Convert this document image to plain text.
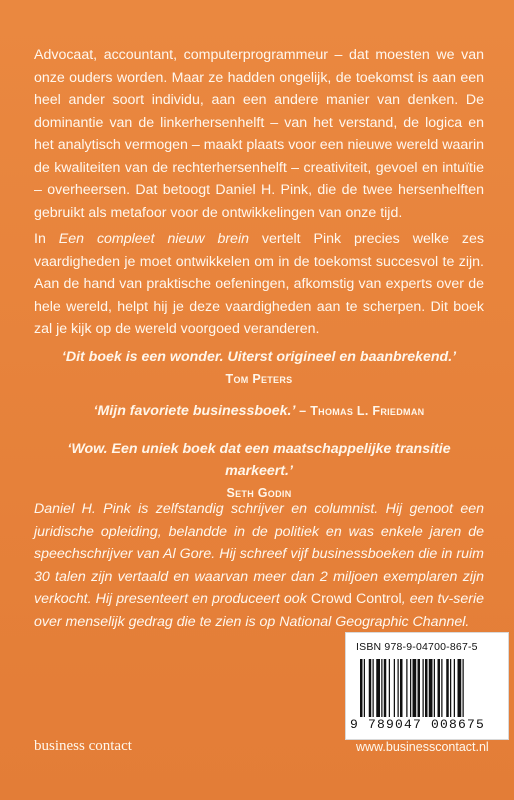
Advocaat, accountant, computerprogrammeur – dat moesten we van onze ouders worden. Maar ze hadden ongelijk, de toekomst is aan een heel ander soort individu, aan een andere manier van denken. De dominantie van de linkerhersenhelft – van het verstand, de logica en het analytisch vermogen – maakt plaats voor een nieuwe wereld waarin de kwaliteiten van de rechterhersenhelft – creativiteit, gevoel en intuïtie – overheersen. Dat betoogt Daniel H. Pink, die de twee hersenhelften gebruikt als metafoor voor de ontwikkelingen van onze tijd.

In Een compleet nieuw brein vertelt Pink precies welke zes vaardigheden je moet ontwikkelen om in de toekomst succesvol te zijn. Aan de hand van praktische oefeningen, afkomstig van experts over de hele wereld, helpt hij je deze vaardigheden aan te scherpen. Dit boek zal je kijk op de wereld voorgoed veranderen.

‘Dit boek is een wonder. Uiterst origineel en baanbrekend.’
Tom Peters
‘Mijn favoriete businessboek.’ – Thomas L. Friedman
‘Wow. Een uniek boek dat een maatschappelijke transitie markeert.’
Seth Godin

Daniel H. Pink is zelfstandig schrijver en columnist. Hij genoot een juridische opleiding, belandde in de politiek en was enkele jaren de speechschrijver van Al Gore. Hij schreef vijf businessboeken die in ruim 30 talen zijn vertaald en waarvan meer dan 2 miljoen exemplaren zijn verkocht. Hij presenteert en produceert ook Crowd Control, een tv-serie over menselijk gedrag die te zien is op National Geographic Channel.

ISBN 978-9-04700-867-5
9 789047 008675
business contact	www.businesscontact.nl
